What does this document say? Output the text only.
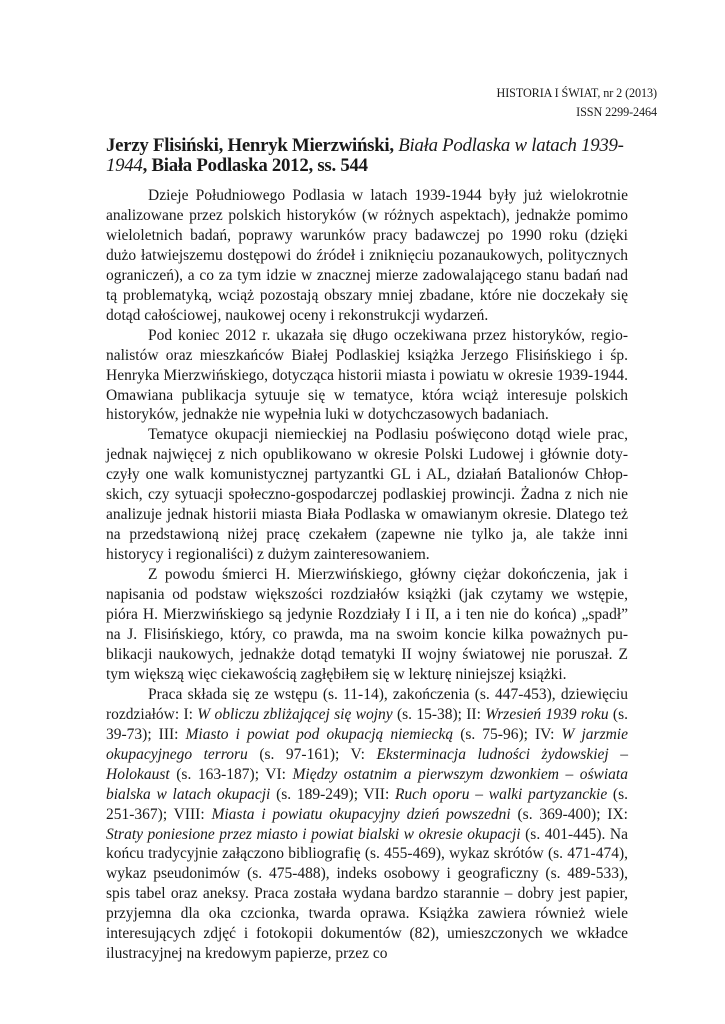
HISTORIA I ŚWIAT, nr 2 (2013)
ISSN 2299-2464
Jerzy Flisiński, Henryk Mierzwiński, Biała Podlaska w latach 1939-1944, Biała Podlaska 2012, ss. 544

Dzieje Południowego Podlasia w latach 1939-1944 były już wielokrotnie analizowane przez polskich historyków (w różnych aspektach), jednakże pomimo wieloletnich badań, poprawy warunków pracy badawczej po 1990 roku (dzięki dużo łatwiejszemu dostępowi do źródeł i zniknięciu pozanaukowych, politycznych ograniczeń), a co za tym idzie w znacznej mierze zadowalającego stanu badań nad tą problematyką, wciąż pozostają obszary mniej zbadane, które nie doczekały się dotąd całościowej, naukowej oceny i rekonstrukcji wydarzeń.

Pod koniec 2012 r. ukazała się długo oczekiwana przez historyków, regionalistów oraz mieszkańców Białej Podlaskiej książka Jerzego Flisińskiego i śp. Henryka Mierzwińskiego, dotycząca historii miasta i powiatu w okresie 1939-1944. Omawiana publikacja sytuuje się w tematyce, która wciąż interesuje polskich historyków, jednakże nie wypełnia luki w dotychczasowych badaniach.

Tematyce okupacji niemieckiej na Podlasiu poświęcono dotąd wiele prac, jednak najwięcej z nich opublikowano w okresie Polski Ludowej i głównie dotyczyły one walk komunistycznej partyzantki GL i AL, działań Batalionów Chłopskich, czy sytuacji społeczno-gospodarczej podlaskiej prowincji. Żadna z nich nie analizuje jednak historii miasta Biała Podlaska w omawianym okresie. Dlatego też na przedstawioną niżej pracę czekałem (zapewne nie tylko ja, ale także inni historycy i regionaliści) z dużym zainteresowaniem.

Z powodu śmierci H. Mierzwińskiego, główny ciężar dokończenia, jak i napisania od podstaw większości rozdziałów książki (jak czytamy we wstępie, pióra H. Mierzwińskiego są jedynie Rozdziały I i II, a i ten nie do końca) „spadł” na J. Flisińskiego, który, co prawda, ma na swoim koncie kilka poważnych publikacji naukowych, jednakże dotąd tematyki II wojny światowej nie poruszał. Z tym większą więc ciekawością zagłębiłem się w lekturę niniejszej książki.

Praca składa się ze wstępu (s. 11-14), zakończenia (s. 447-453), dziewięciu rozdziałów: I: W obliczu zbliżającej się wojny (s. 15-38); II: Wrzesień 1939 roku (s. 39-73); III: Miasto i powiat pod okupacją niemiecką (s. 75-96); IV: W jarzmie okupacyjnego terroru (s. 97-161); V: Eksterminacja ludności żydowskiej – Holokaust (s. 163-187); VI: Między ostatnim a pierwszym dzwonkiem – oświata bialska w latach okupacji (s. 189-249); VII: Ruch oporu – walki partyzanckie (s. 251-367); VIII: Miasta i powiatu okupacyjny dzień powszedni (s. 369-400); IX: Straty poniesione przez miasto i powiat bialski w okresie okupacji (s. 401-445). Na końcu tradycyjnie załączono bibliografię (s. 455-469), wykaz skrótów (s. 471-474), wykaz pseudonimów (s. 475-488), indeks osobowy i geograficzny (s. 489-533), spis tabel oraz aneksy. Praca została wydana bardzo starannie – dobry jest papier, przyjemna dla oka czcionka, twarda oprawa. Książka zawiera również wiele interesujących zdjęć i fotokopii dokumentów (82), umieszczonych we wkładce ilustracyjnej na kredowym papierze, przez co
